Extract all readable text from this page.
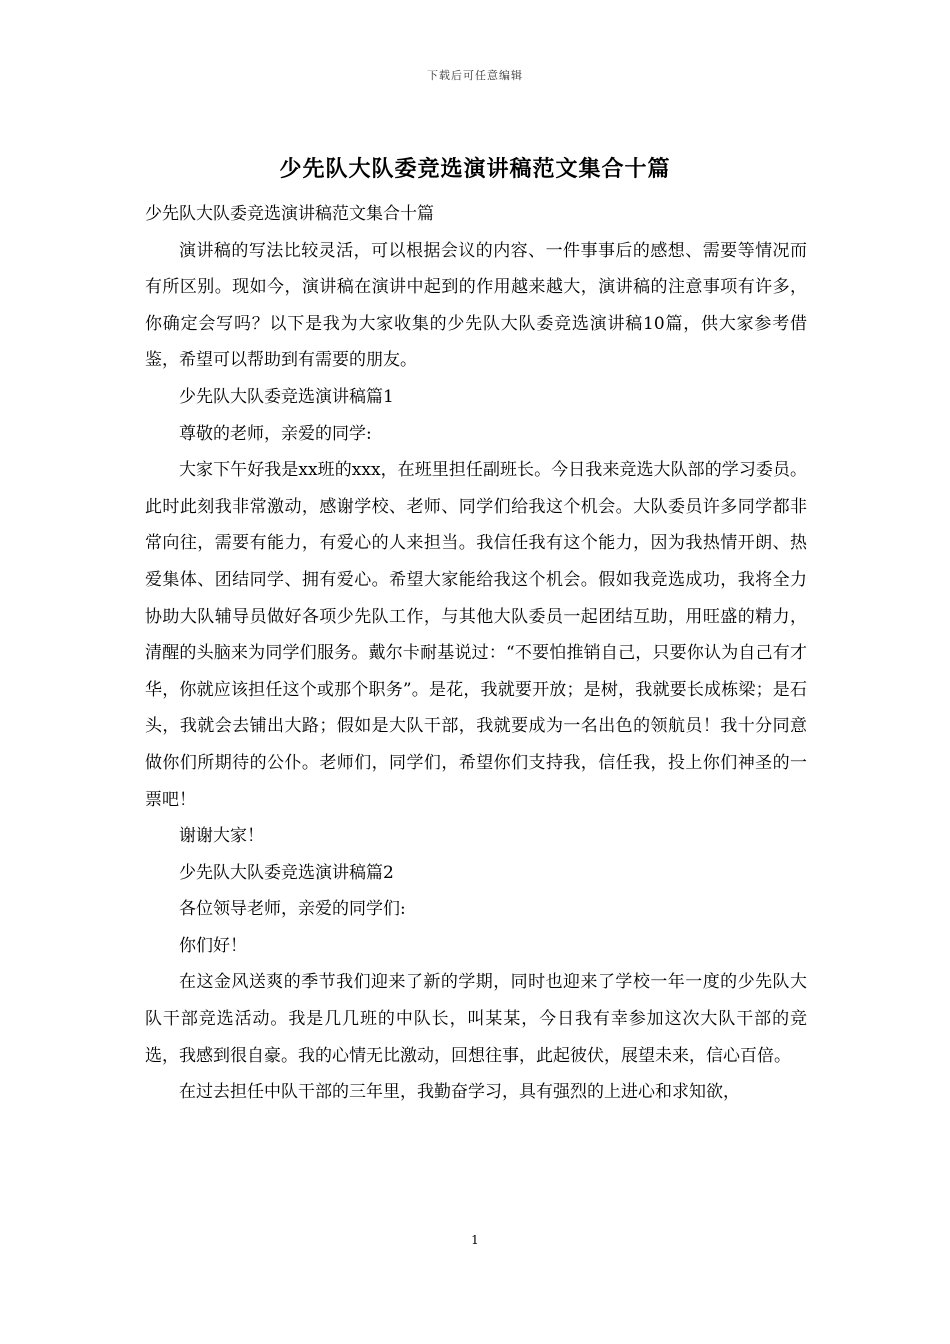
下载后可任意编辑
少先队大队委竞选演讲稿范文集合十篇

少先队大队委竞选演讲稿范文集合十篇

演讲稿的写法比较灵活，可以根据会议的内容、一件事事后的感想、需要等情况而有所区别。现如今，演讲稿在演讲中起到的作用越来越大，演讲稿的注意事项有许多，你确定会写吗？以下是我为大家收集的少先队大队委竞选演讲稿10篇，供大家参考借鉴，希望可以帮助到有需要的朋友。

少先队大队委竞选演讲稿篇1

尊敬的老师，亲爱的同学:

大家下午好我是xx班的xxx，在班里担任副班长。今日我来竞选大队部的学习委员。此时此刻我非常激动，感谢学校、老师、同学们给我这个机会。大队委员许多同学都非常向往，需要有能力，有爱心的人来担当。我信任我有这个能力，因为我热情开朗、热爱集体、团结同学、拥有爱心。希望大家能给我这个机会。假如我竞选成功，我将全力协助大队辅导员做好各项少先队工作，与其他大队委员一起团结互助，用旺盛的精力，清醒的头脑来为同学们服务。戴尔卡耐基说过：“不要怕推销自己，只要你认为自己有才华，你就应该担任这个或那个职务”。是花，我就要开放；是树，我就要长成栋梁；是石头，我就会去铺出大路；假如是大队干部，我就要成为一名出色的领航员！我十分同意做你们所期待的公仆。老师们，同学们，希望你们支持我，信任我，投上你们神圣的一票吧！

谢谢大家！

少先队大队委竞选演讲稿篇2

各位领导老师，亲爱的同学们:

你们好！

在这金风送爽的季节我们迎来了新的学期，同时也迎来了学校一年一度的少先队大队干部竞选活动。我是几几班的中队长，叫某某，今日我有幸参加这次大队干部的竞选，我感到很自豪。我的心情无比激动，回想往事，此起彼伏，展望未来，信心百倍。

在过去担任中队干部的三年里，我勤奋学习，具有强烈的上进心和求知欲，

1
